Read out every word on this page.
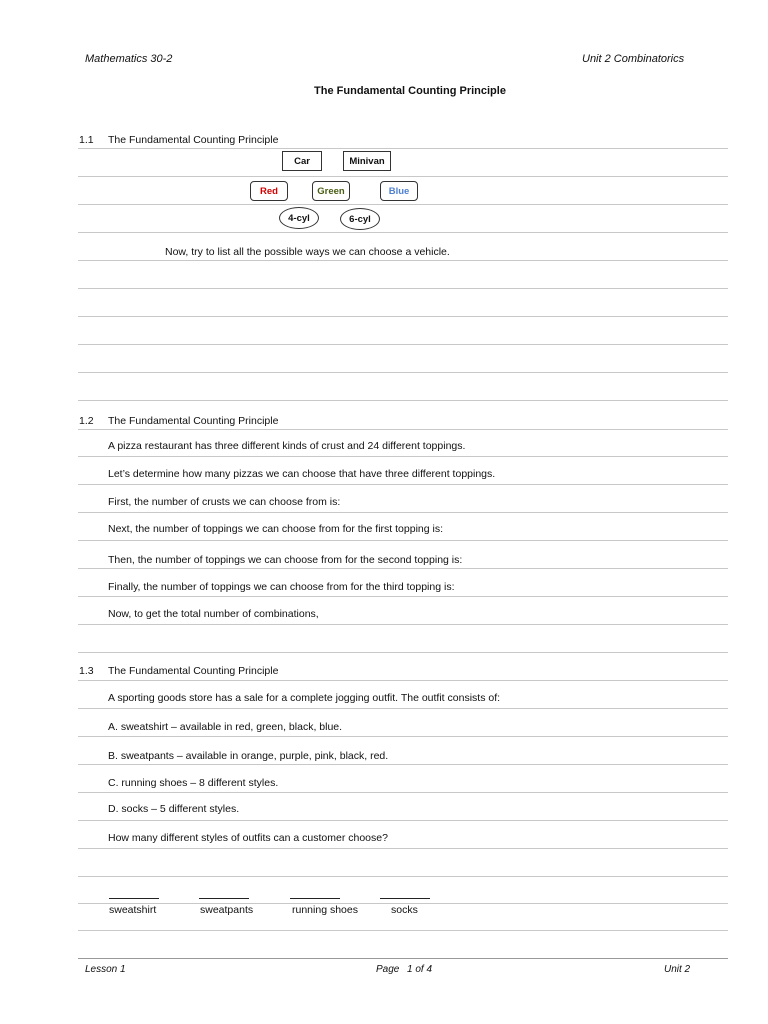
Mathematics 30-2	Unit 2 Combinatorics
The Fundamental Counting Principle
1.1 The Fundamental Counting Principle
Car	Minivan
Red	Green	Blue
4-cyl	6-cyl
Now, try to list all the possible ways we can choose a vehicle.
1.2 The Fundamental Counting Principle
A pizza restaurant has three different kinds of crust and 24 different toppings.
Let’s determine how many pizzas we can choose that have three different toppings.
First, the number of crusts we can choose from is:
Next, the number of toppings we can choose from for the first topping is:
Then, the number of toppings we can choose from for the second topping is:
Finally, the number of toppings we can choose from for the third topping is:
Now, to get the total number of combinations,
1.3 The Fundamental Counting Principle
A sporting goods store has a sale for a complete jogging outfit. The outfit consists of:
A. sweatshirt – available in red, green, black, blue.
B. sweatpants – available in orange, purple, pink, black, red.
C. running shoes – 8 different styles.
D. socks – 5 different styles.
How many different styles of outfits can a customer choose?
sweatshirt	sweatpants	running shoes	socks
Lesson 1	Page 1 of 4	Unit 2
